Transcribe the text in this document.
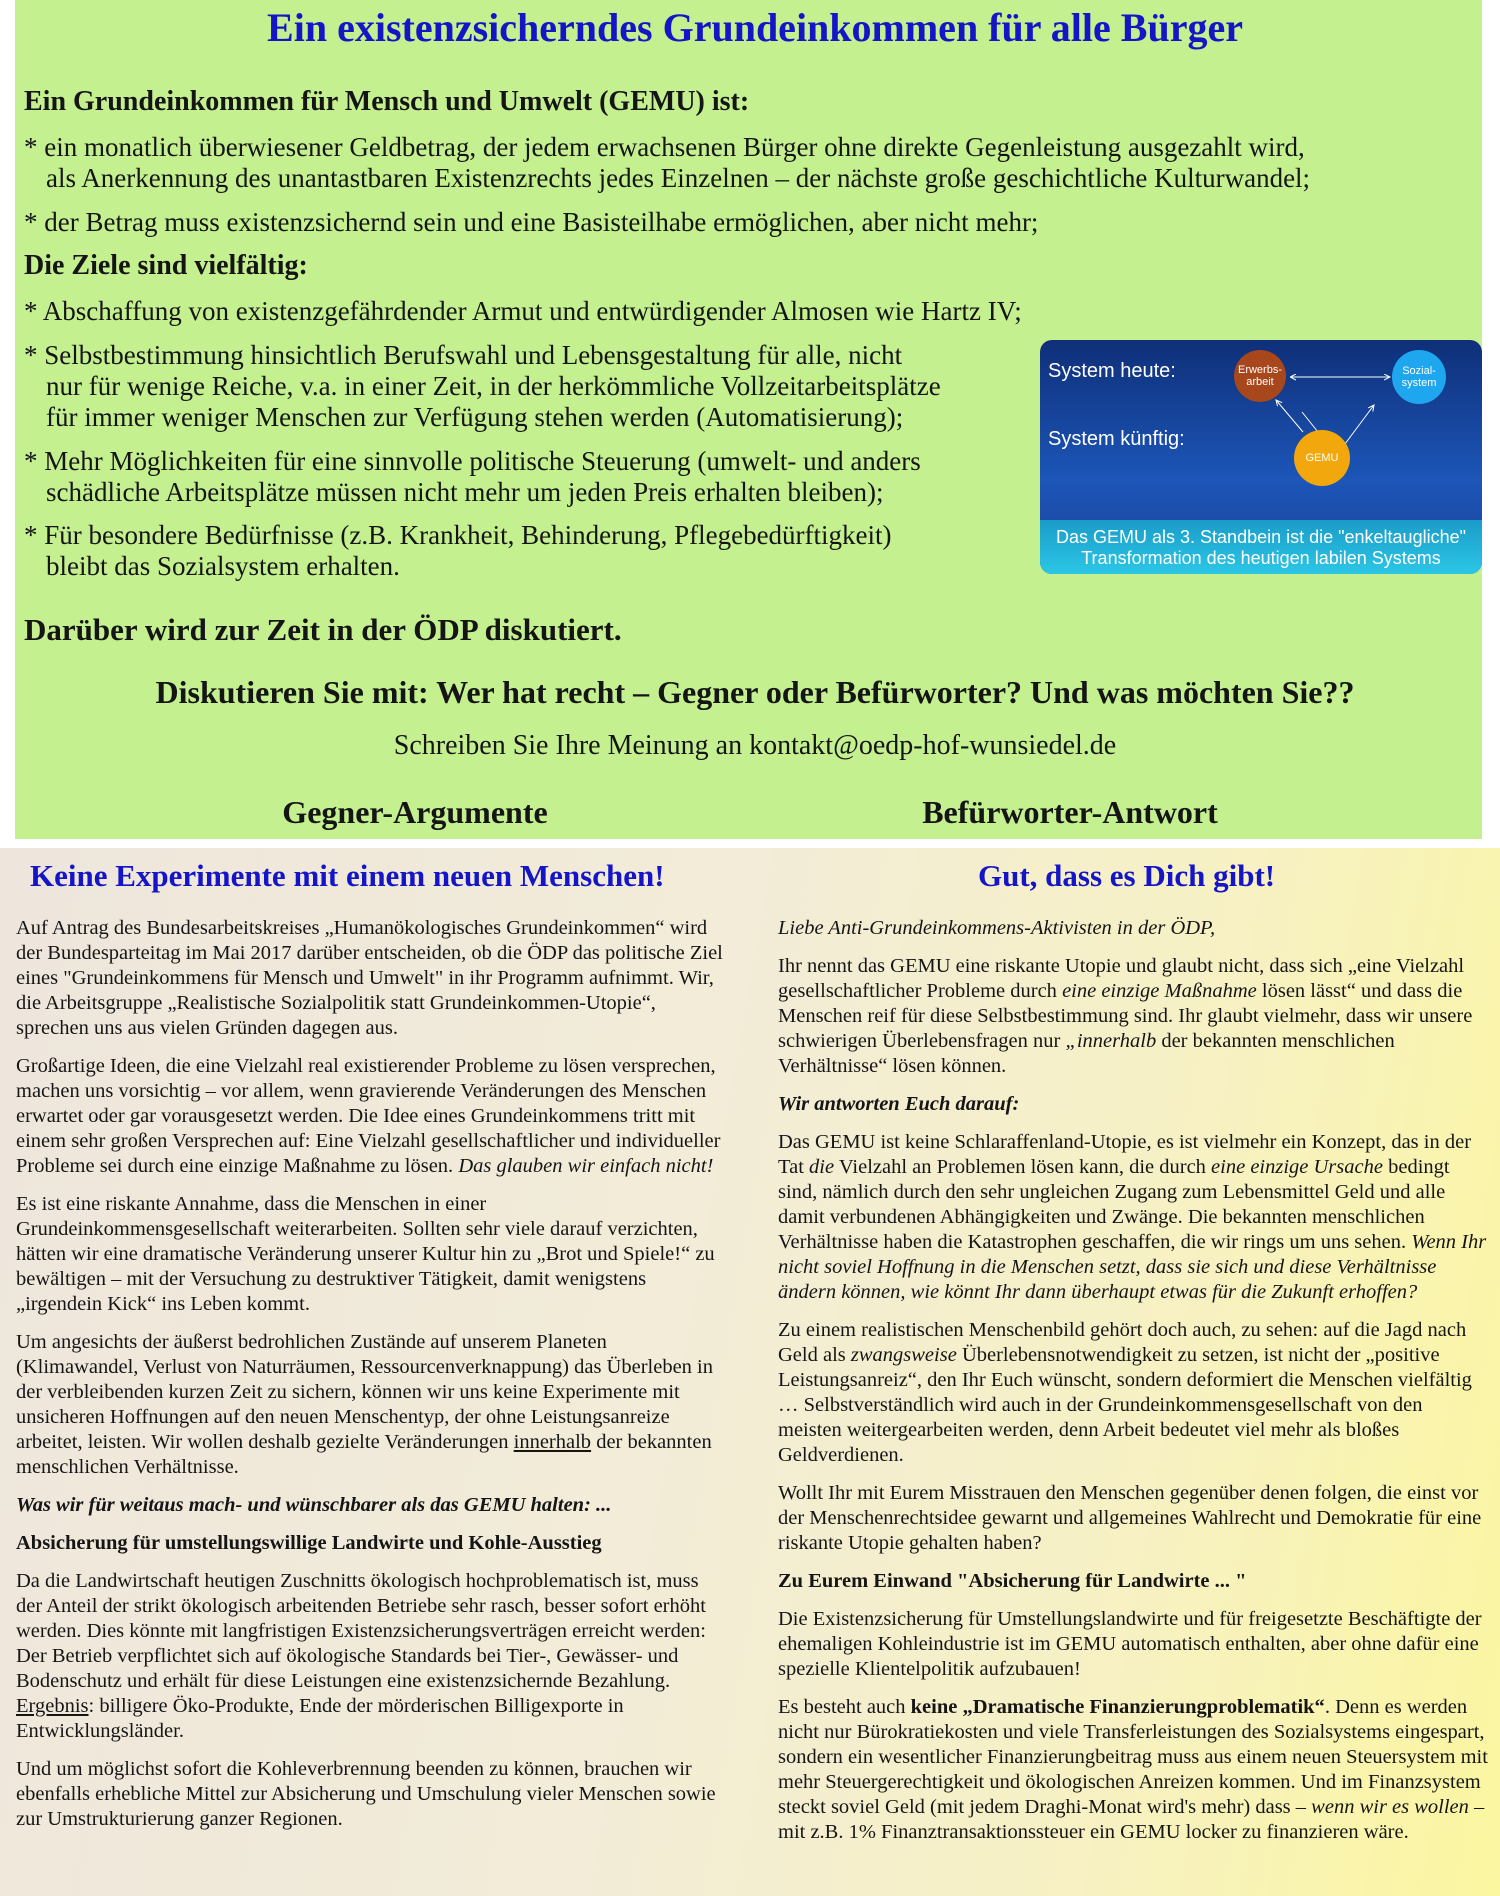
Ein existenzsicherndes Grundeinkommen für alle Bürger
Ein Grundeinkommen für Mensch und Umwelt (GEMU) ist:
* ein monatlich überwiesener Geldbetrag, der jedem erwachsenen Bürger ohne direkte Gegenleistung ausgezahlt wird,
als Anerkennung des unantastbaren Existenzrechts jedes Einzelnen – der nächste große geschichtliche Kulturwandel;
* der Betrag muss existenzsichernd sein und eine Basisteilhabe ermöglichen, aber nicht mehr;
Die Ziele sind vielfältig:
* Abschaffung von existenzgefährdender Armut und entwürdigender Almosen wie Hartz IV;
* Selbstbestimmung hinsichtlich Berufswahl und Lebensgestaltung für alle, nicht
nur für wenige Reiche, v.a. in einer Zeit, in der herkömmliche Vollzeitarbeitsplätze
für immer weniger Menschen zur Verfügung stehen werden (Automatisierung);
* Mehr Möglichkeiten für eine sinnvolle politische Steuerung (umwelt- und anders
schädliche Arbeitsplätze müssen nicht mehr um jeden Preis erhalten bleiben);
* Für besondere Bedürfnisse (z.B. Krankheit, Behinderung, Pflegebedürftigkeit)
bleibt das Sozialsystem erhalten.
System heute:
System künftig:
Erwerbs-
arbeit
Sozial-
system
GEMU
Das GEMU als 3. Standbein ist die "enkeltaugliche"
Transformation des heutigen labilen Systems
Darüber wird zur Zeit in der ÖDP diskutiert.
Diskutieren Sie mit: Wer hat recht – Gegner oder Befürworter? Und was möchten Sie??
Schreiben Sie Ihre Meinung an kontakt@oedp-hof-wunsiedel.de
Gegner-Argumente	Befürworter-Antwort
Keine Experimente mit einem neuen Menschen!	Gut, dass es Dich gibt!

Auf Antrag des Bundesarbeitskreises „Humanökologisches Grundeinkommen“ wird der Bundesparteitag im Mai 2017 darüber entscheiden, ob die ÖDP das politische Ziel eines "Grundeinkommens für Mensch und Umwelt" in ihr Programm aufnimmt. Wir, die Arbeitsgruppe „Realistische Sozialpolitik statt Grundeinkommen-Utopie“, sprechen uns aus vielen Gründen dagegen aus.

Großartige Ideen, die eine Vielzahl real existierender Probleme zu lösen versprechen, machen uns vorsichtig – vor allem, wenn gravierende Veränderungen des Menschen erwartet oder gar vorausgesetzt werden. Die Idee eines Grundeinkommens tritt mit einem sehr großen Versprechen auf: Eine Vielzahl gesellschaftlicher und individueller Probleme sei durch eine einzige Maßnahme zu lösen. Das glauben wir einfach nicht!

Es ist eine riskante Annahme, dass die Menschen in einer Grundeinkommensgesellschaft weiterarbeiten. Sollten sehr viele darauf verzichten, hätten wir eine dramatische Veränderung unserer Kultur hin zu „Brot und Spiele!“ zu bewältigen – mit der Versuchung zu destruktiver Tätigkeit, damit wenigstens „irgendein Kick“ ins Leben kommt.

Um angesichts der äußerst bedrohlichen Zustände auf unserem Planeten (Klimawandel, Verlust von Naturräumen, Ressourcenverknappung) das Überleben in der verbleibenden kurzen Zeit zu sichern, können wir uns keine Experimente mit unsicheren Hoffnungen auf den neuen Menschentyp, der ohne Leistungsanreize arbeitet, leisten. Wir wollen deshalb gezielte Veränderungen innerhalb der bekannten menschlichen Verhältnisse.

Was wir für weitaus mach- und wünschbarer als das GEMU halten: ...

Absicherung für umstellungswillige Landwirte und Kohle-Ausstieg

Da die Landwirtschaft heutigen Zuschnitts ökologisch hochproblematisch ist, muss der Anteil der strikt ökologisch arbeitenden Betriebe sehr rasch, besser sofort erhöht werden. Dies könnte mit langfristigen Existenzsicherungsverträgen erreicht werden: Der Betrieb verpflichtet sich auf ökologische Standards bei Tier-, Gewässer- und Bodenschutz und erhält für diese Leistungen eine existenzsichernde Bezahlung. Ergebnis: billigere Öko-Produkte, Ende der mörderischen Billigexporte in Entwicklungsländer.

Und um möglichst sofort die Kohleverbrennung beenden zu können, brauchen wir ebenfalls erhebliche Mittel zur Absicherung und Umschulung vieler Menschen sowie zur Umstrukturierung ganzer Regionen.

Liebe Anti-Grundeinkommens-Aktivisten in der ÖDP,

Ihr nennt das GEMU eine riskante Utopie und glaubt nicht, dass sich „eine Vielzahl gesellschaftlicher Probleme durch eine einzige Maßnahme lösen lässt“ und dass die Menschen reif für diese Selbstbestimmung sind. Ihr glaubt vielmehr, dass wir unsere schwierigen Überlebensfragen nur „innerhalb der bekannten menschlichen Verhältnisse“ lösen können.

Wir antworten Euch darauf:

Das GEMU ist keine Schlaraffenland-Utopie, es ist vielmehr ein Konzept, das in der Tat die Vielzahl an Problemen lösen kann, die durch eine einzige Ursache bedingt sind, nämlich durch den sehr ungleichen Zugang zum Lebensmittel Geld und alle damit verbundenen Abhängigkeiten und Zwänge. Die bekannten menschlichen Verhältnisse haben die Katastrophen geschaffen, die wir rings um uns sehen. Wenn Ihr nicht soviel Hoffnung in die Menschen setzt, dass sie sich und diese Verhältnisse ändern können, wie könnt Ihr dann überhaupt etwas für die Zukunft erhoffen?

Zu einem realistischen Menschenbild gehört doch auch, zu sehen: auf die Jagd nach Geld als zwangsweise Überlebensnotwendigkeit zu setzen, ist nicht der „positive Leistungsanreiz“, den Ihr Euch wünscht, sondern deformiert die Menschen vielfältig … Selbstverständlich wird auch in der Grundeinkommensgesellschaft von den meisten weitergearbeiten werden, denn Arbeit bedeutet viel mehr als bloßes Geldverdienen.

Wollt Ihr mit Eurem Misstrauen den Menschen gegenüber denen folgen, die einst vor der Menschenrechtsidee gewarnt und allgemeines Wahlrecht und Demokratie für eine riskante Utopie gehalten haben?

Zu Eurem Einwand "Absicherung für Landwirte ... "

Die Existenzsicherung für Umstellungslandwirte und für freigesetzte Beschäftigte der ehemaligen Kohleindustrie ist im GEMU automatisch enthalten, aber ohne dafür eine spezielle Klientelpolitik aufzubauen!

Es besteht auch keine „Dramatische Finanzierungproblematik“. Denn es werden nicht nur Bürokratiekosten und viele Transferleistungen des Sozialsystems eingespart, sondern ein wesentlicher Finanzierungbeitrag muss aus einem neuen Steuersystem mit mehr Steuergerechtigkeit und ökologischen Anreizen kommen. Und im Finanzsystem steckt soviel Geld (mit jedem Draghi-Monat wird's mehr) dass – wenn wir es wollen – mit z.B. 1% Finanztransaktionssteuer ein GEMU locker zu finanzieren wäre.
